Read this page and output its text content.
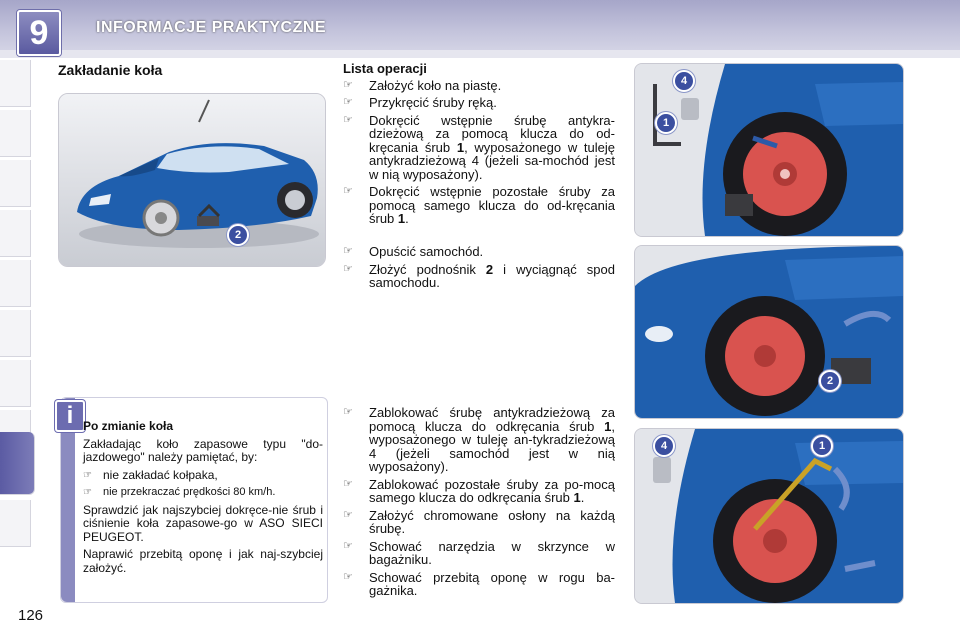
9	INFORMACJE PRAKTYCZNE
126
Zakładanie koła
2
i Po zmianie koła

Zakładając koło zapasowe typu "do-jazdowego" należy pamiętać, by:

☞ nie zakładać kołpaka,
☞	nie przekraczać prędkości 80 km/h.

Sprawdzić jak najszybciej dokręce-nie śrub i ciśnienie koła zapasowe-go w ASO SIECI PEUGEOT.

Naprawić przebitą oponę i jak naj-szybciej założyć.

Lista operacji
☞	Założyć koło na piastę.
☞	Przykręcić śruby ręką.
☞	Dokręcić wstępnie śrubę antykra-dzieżową za pomocą klucza do od-kręcania śrub 1, wyposażonego w tuleję antykradzieżową 4 (jeżeli sa-mochód jest w nią wyposażony).
☞	Dokręcić wstępnie pozostałe śruby za pomocą samego klucza do od-kręcania śrub 1.
☞	Opuścić samochód.
☞	Złożyć podnośnik 2 i wyciągnąć spod samochodu.
☞	Zablokować śrubę antykradzieżową za pomocą klucza do odkręcania śrub 1, wyposażonego w tuleję an-tykradzieżową 4 (jeżeli samochód jest w nią wyposażony).
☞	Zablokować pozostałe śruby za po-mocą samego klucza do odkręcania śrub 1.
☞	Założyć chromowane osłony na każdą śrubę.
☞	Schować narzędzia w skrzynce w bagażniku.
☞	Schować przebitą oponę w rogu ba-gażnika.
4
1
2
4	1
